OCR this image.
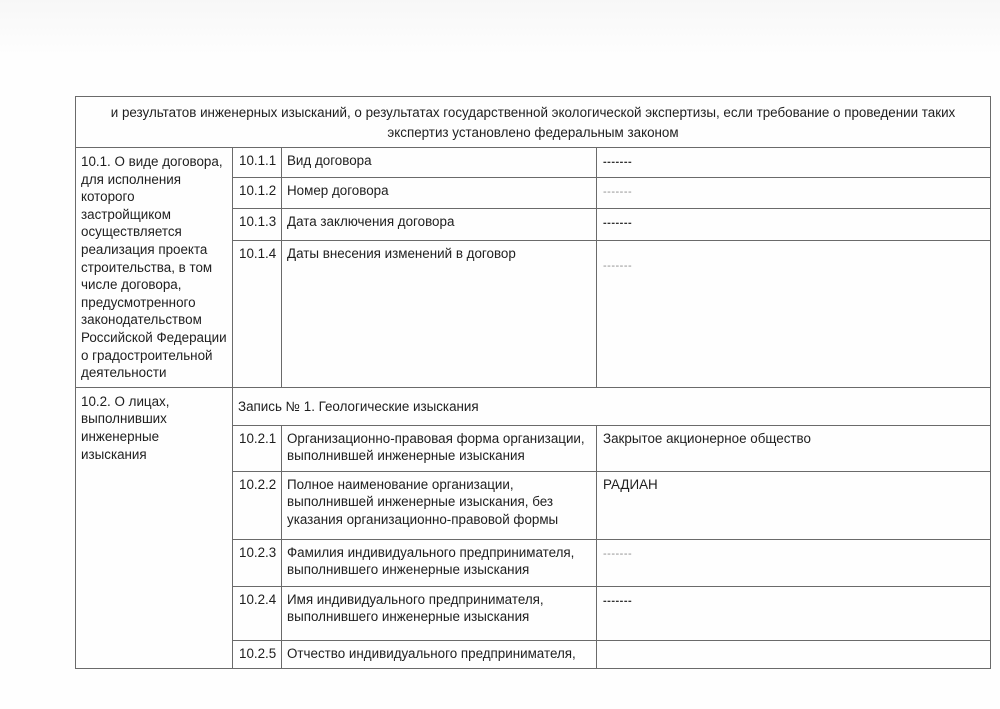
и результатов инженерных изысканий, о результатах государственной экологической экспертизы, если требование о проведении таких экспертиз установлено федеральным законом			
10.1. О виде договора, для исполнения которого застройщиком осуществляется реализация проекта строительства, в том числе договора, предусмотренного законодательством Российской Федерации о градостроительной деятельности	10.1.1	Вид договора	-------
	10.1.2	Номер договора	-------
	10.1.3	Дата заключения договора	-------
	10.1.4	Даты внесения изменений в договор	-------

10.2. О лицах, выполнивших инженерные изыскания	Запись № 1. Геологические изыскания		
	10.2.1	Организационно-правовая форма организации, выполнившей инженерные изыскания	Закрытое акционерное общество
	10.2.2	Полное наименование организации, выполнившей инженерные изыскания, без указания организационно-правовой формы	РАДИАН
	10.2.3	Фамилия индивидуального предпринимателя, выполнившего инженерные изыскания	-------
	10.2.4	Имя индивидуального предпринимателя, выполнившего инженерные изыскания	-------
	10.2.5	Отчество индивидуального предпринимателя,	
